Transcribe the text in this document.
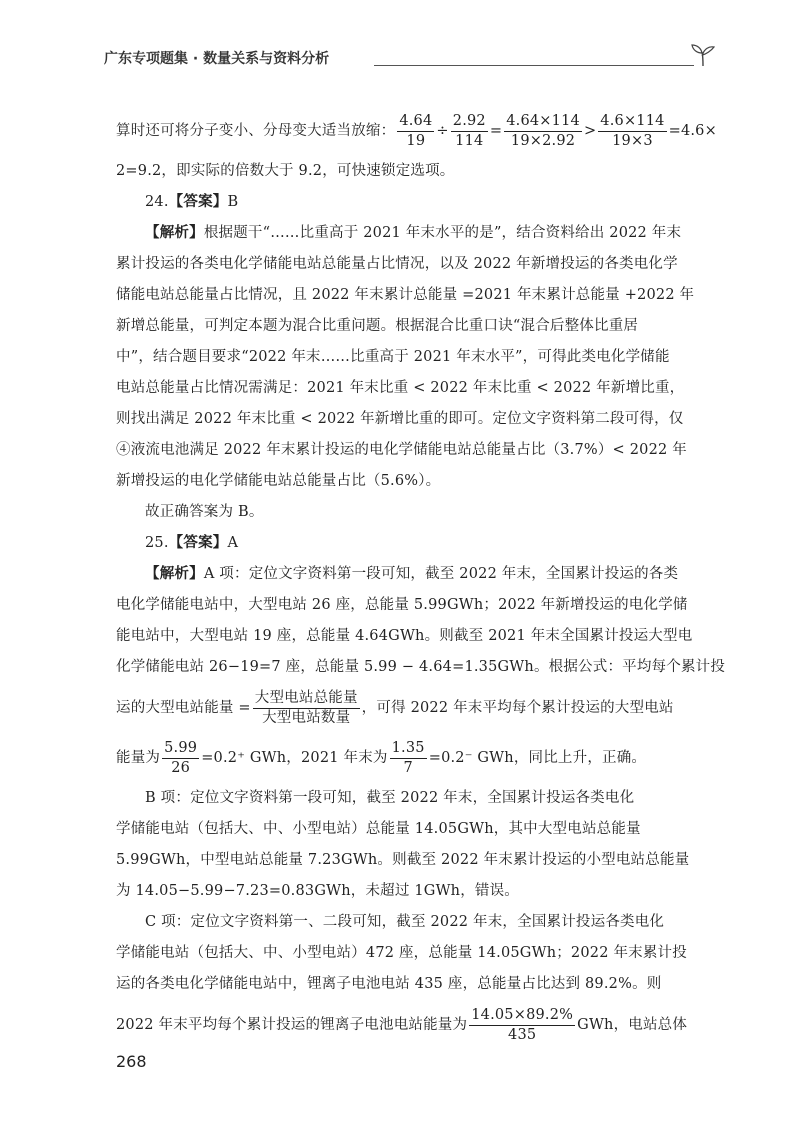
广东专项题集 · 数量关系与资料分析
算时还可将分子变小、分母变大适当放缩： $\frac{4.64}{19} \div \frac{2.92}{114} = \frac{4.64\times 114}{19\times 2.92} > \frac{4.6\times 114}{19\times 3} =4.6\times$
2=9.2，即实际的倍数大于 9.2，可快速锁定选项。
24.【答案】B
【解析】根据题干“……比重高于 2021 年末水平的是”，结合资料给出 2022 年末
累计投运的各类电化学储能电站总能量占比情况，以及 2022 年新增投运的各类电化学
储能电站总能量占比情况，且 2022 年末累计总能量 =2021 年末累计总能量 +2022 年
新增总能量，可判定本题为混合比重问题。根据混合比重口诀“混合后整体比重居
中”，结合题目要求“2022 年末……比重高于 2021 年末水平”，可得此类电化学储能
电站总能量占比情况需满足：2021 年末比重 < 2022 年末比重 < 2022 年新增比重，
则找出满足 2022 年末比重 < 2022 年新增比重的即可。定位文字资料第二段可得，仅
④液流电池满足 2022 年末累计投运的电化学储能电站总能量占比（3.7%）< 2022 年
新增投运的电化学储能电站总能量占比（5.6%）。
故正确答案为 B。
25.【答案】A
【解析】A 项：定位文字资料第一段可知，截至 2022 年末，全国累计投运的各类
电化学储能电站中，大型电站 26 座，总能量 5.99GWh；2022 年新增投运的电化学储
能电站中，大型电站 19 座，总能量 4.64GWh。则截至 2021 年末全国累计投运大型电
化学储能电站 26−19=7 座，总能量 5.99 − 4.64=1.35GWh。根据公式：平均每个累计投
运的大型电站能量 = $\frac{\text{大型电站总能量}}{\text{大型电站数量}}$ ，可得 2022 年末平均每个累计投运的大型电站
能量为 $\frac{5.99}{26} =0.2^+$ GWh，2021 年末为 $\frac{1.35}{7} =0.2^-$ GWh，同比上升，正确。
B 项：定位文字资料第一段可知，截至 2022 年末，全国累计投运各类电化
学储能电站（包括大、中、小型电站）总能量 14.05GWh，其中大型电站总能量
5.99GWh，中型电站总能量 7.23GWh。则截至 2022 年末累计投运的小型电站总能量
为 14.05−5.99−7.23=0.83GWh，未超过 1GWh，错误。
C 项：定位文字资料第一、二段可知，截至 2022 年末，全国累计投运各类电化
学储能电站（包括大、中、小型电站）472 座，总能量 14.05GWh；2022 年末累计投
运的各类电化学储能电站中，锂离子电池电站 435 座，总能量占比达到 89.2%。则
2022 年末平均每个累计投运的锂离子电池电站能量为 $\frac{14.05\times 89.2\%}{435}$ GWh，电站总体
268
